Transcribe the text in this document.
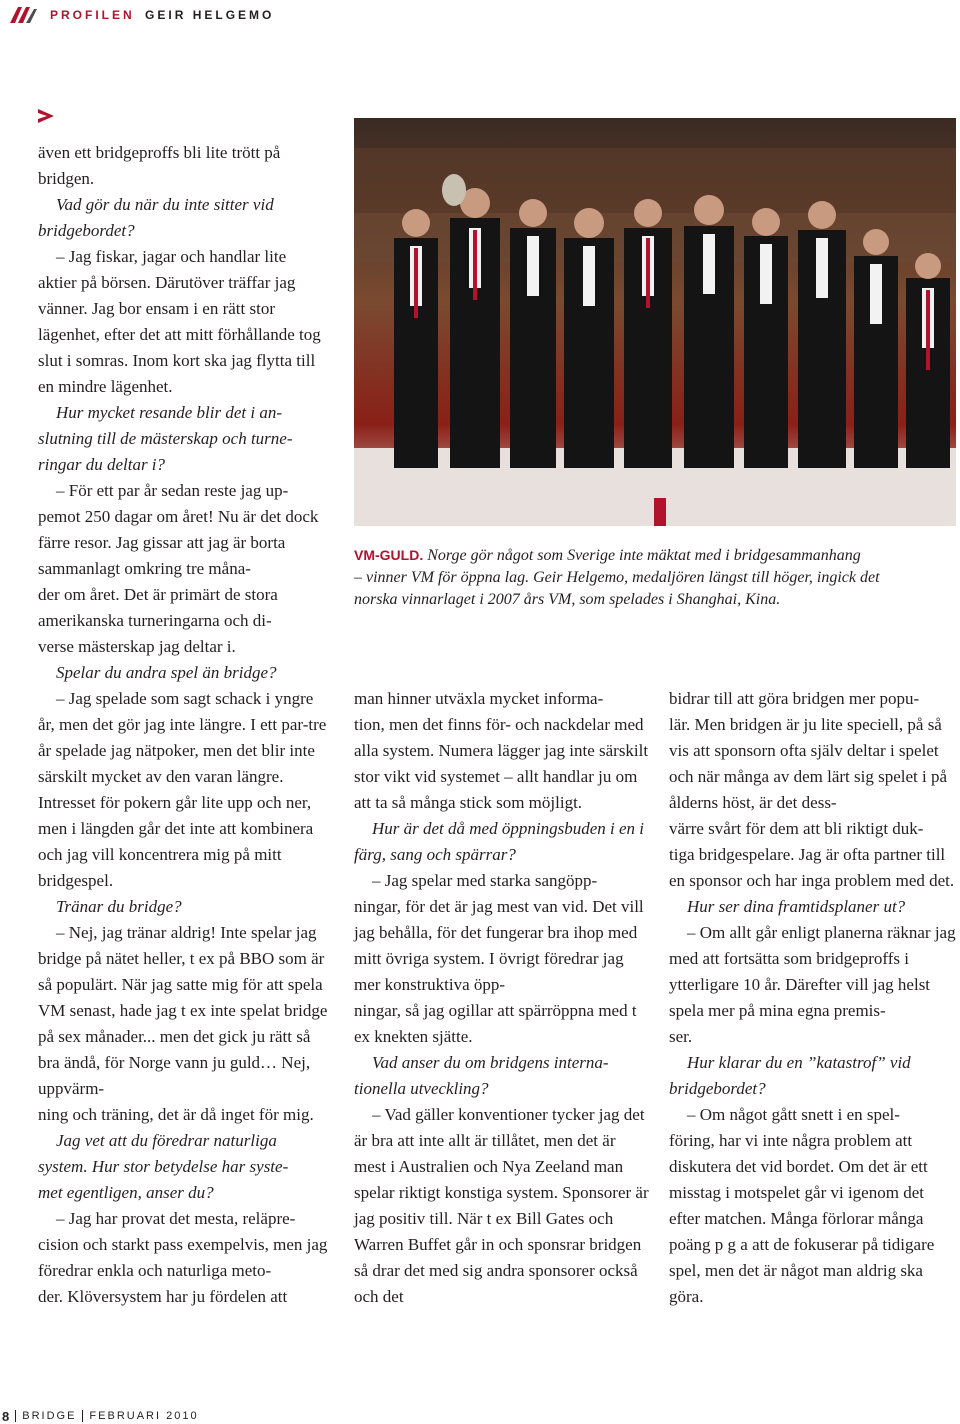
PROFILEN GEIR HELGEMO

även ett bridgeproffs bli lite trött på bridgen.

Vad gör du när du inte sitter vid bridgebordet?

– Jag fiskar, jagar och handlar lite aktier på börsen. Därutöver träffar jag vänner. Jag bor ensam i en rätt stor lägenhet, efter det att mitt förhållande tog slut i somras. Inom kort ska jag flytta till en mindre lägenhet.

Hur mycket resande blir det i an-
slutning till de mästerskap och turne-
ringar du deltar i?

– För ett par år sedan reste jag up-
pemot 250 dagar om året! Nu är det dock färre resor. Jag gissar att jag är borta sammanlagt omkring tre måna-
der om året. Det är primärt de stora amerikanska turneringarna och di-
verse mästerskap jag deltar i.

Spelar du andra spel än bridge?

– Jag spelade som sagt schack i yngre år, men det gör jag inte längre. I ett par-tre år spelade jag nätpoker, men det blir inte särskilt mycket av den varan längre. Intresset för pokern går lite upp och ner, men i längden går det inte att kombinera och jag vill koncentrera mig på mitt bridgespel.

Tränar du bridge?

– Nej, jag tränar aldrig! Inte spelar jag bridge på nätet heller, t ex på BBO som är så populärt. När jag satte mig för att spela VM senast, hade jag t ex inte spelat bridge på sex månader... men det gick ju rätt så bra ändå, för Norge vann ju guld… Nej, uppvärm-
ning och träning, det är då inget för mig.

Jag vet att du föredrar naturliga system. Hur stor betydelse har syste-
met egentligen, anser du?

– Jag har provat det mesta, reläpre-
cision och starkt pass exempelvis, men jag föredrar enkla och naturliga meto-
der. Klöversystem har ju fördelen att

VM-GULD. Norge gör något som Sverige inte mäktat med i bridgesammanhang
– vinner VM för öppna lag. Geir Helgemo, medaljören längst till höger, ingick det
norska vinnarlaget i 2007 års VM, som spelades i Shanghai, Kina.

man hinner utväxla mycket informa-
tion, men det finns för- och nackdelar med alla system. Numera lägger jag inte särskilt stor vikt vid systemet – allt handlar ju om att ta så många stick som möjligt.

Hur är det då med öppningsbuden i en i färg, sang och spärrar?

– Jag spelar med starka sangöpp-
ningar, för det är jag mest van vid. Det vill jag behålla, för det fungerar bra ihop med mitt övriga system. I övrigt föredrar jag mer konstruktiva öpp-
ningar, så jag ogillar att spärröppna med t ex knekten sjätte.

Vad anser du om bridgens interna-
tionella utveckling?

– Vad gäller konventioner tycker jag det är bra att inte allt är tillåtet, men det är mest i Australien och Nya Zeeland man spelar riktigt konstiga system. Sponsorer är jag positiv till. När t ex Bill Gates och Warren Buffet går in och sponsrar bridgen så drar det med sig andra sponsorer också och det

bidrar till att göra bridgen mer popu-
lär. Men bridgen är ju lite speciell, på så vis att sponsorn ofta själv deltar i spelet och när många av dem lärt sig spelet i på ålderns höst, är det dess-
värre svårt för dem att bli riktigt duk-
tiga bridgespelare. Jag är ofta partner till en sponsor och har inga problem med det.

Hur ser dina framtidsplaner ut?

– Om allt går enligt planerna räknar jag med att fortsätta som bridgeproffs i ytterligare 10 år. Därefter vill jag helst spela mer på mina egna premis-
ser.

Hur klarar du en ”katastrof” vid bridgebordet?

– Om något gått snett i en spel-
föring, har vi inte några problem att diskutera det vid bordet. Om det är ett misstag i motspelet går vi igenom det efter matchen. Många förlorar många poäng p g a att de fokuserar på tidigare spel, men det är något man aldrig ska göra.

8 BRIDGE FEBRUARI 2010
